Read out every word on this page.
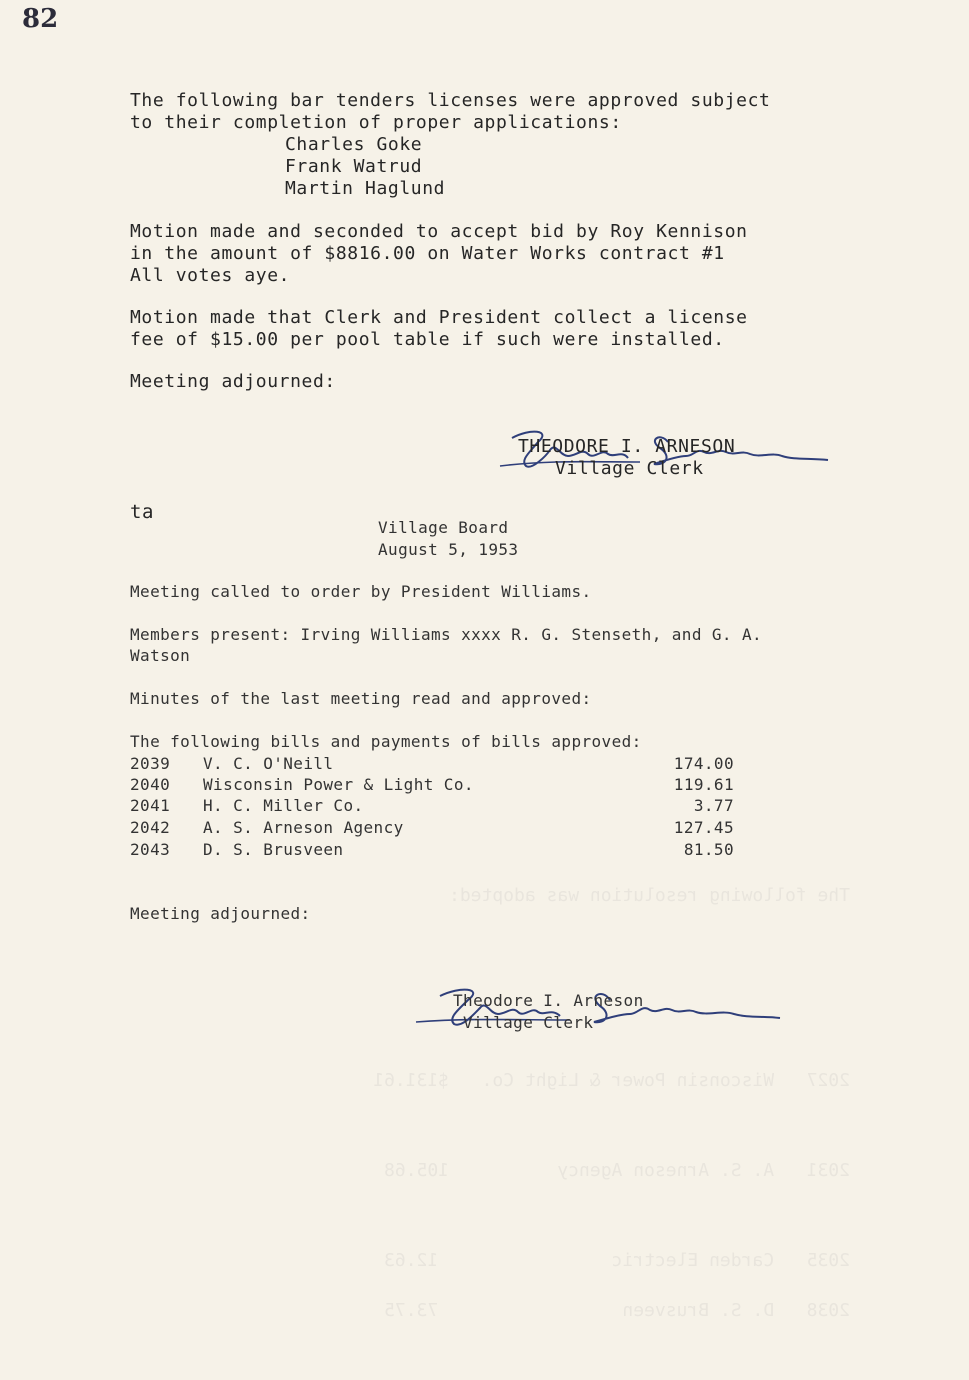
The following resolution was adopted:
2027   Wisconsin Power & Light Co.   $131.61
2031   A. S. Arneson Agency          105.68
2035   Carden Electric                12.63
2038   D. S. Brusveen                 73.75
82
The following bar tenders licenses were approved subject
to their completion of proper applications:
Charles Goke
Frank Watrud
Martin Haglund
Motion made and seconded to accept bid by Roy Kennison
in the amount of $8816.00 on Water Works contract #1
All votes aye.
Motion made that Clerk and President collect a license
fee of $15.00 per pool table if such were installed.
Meeting adjourned:

THEODORE I. ARNESON
Village Clerk
ta
Village Board
August 5, 1953
Meeting called to order by President Williams.
Members present: Irving Williams xxxx R. G. Stenseth, and G. A.
Watson
Minutes of the last meeting read and approved:
The following bills and payments of bills approved:
2039 V. C. O'Neill	174.00
2040 Wisconsin Power & Light Co.	119.61
2041 H. C. Miller Co.	3.77
2042 A. S. Arneson Agency	127.45
2043 D. S. Brusveen	81.50
Meeting adjourned:

Theodore I. Arneson
Village Clerk
